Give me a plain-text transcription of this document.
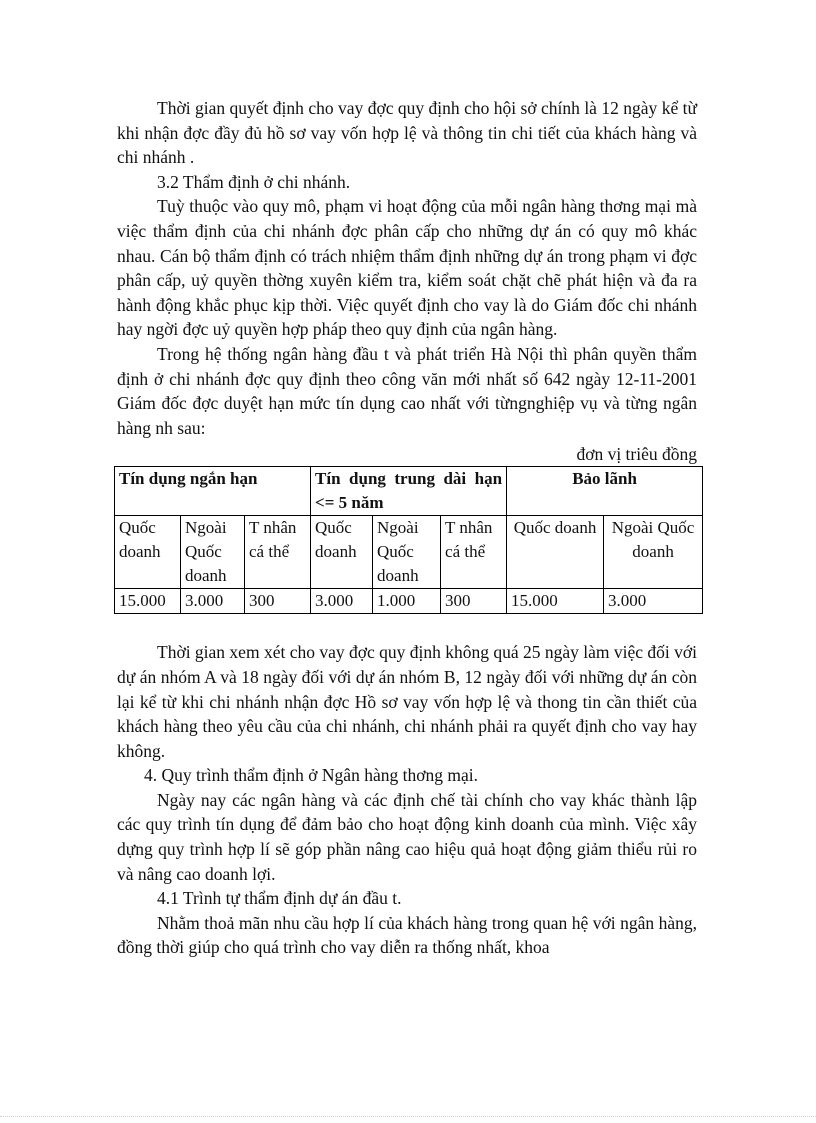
Thời gian quyết định cho vay đợc quy định cho hội sở chính là 12 ngày kể từ khi nhận đợc đầy đủ hồ sơ vay vốn hợp lệ và thông tin chi tiết của khách hàng và chi nhánh .

3.2 Thẩm định ở chi nhánh.

Tuỳ thuộc vào quy mô, phạm vi hoạt động của mỗi ngân hàng thơng mại mà việc thẩm định của chi nhánh đợc phân cấp cho những dự án có quy mô khác nhau. Cán bộ thẩm định có trách nhiệm thẩm định những dự án trong phạm vi đợc phân cấp, uỷ quyền thờng xuyên kiểm tra, kiểm soát chặt chẽ phát hiện và đa ra hành động khắc phục kịp thời. Việc quyết định cho vay là do Giám đốc chi nhánh hay ngời đợc uỷ quyền hợp pháp theo quy định của ngân hàng.

Trong hệ thống ngân hàng đầu t và phát triển Hà Nội thì phân quyền thẩm định ở chi nhánh đợc quy định theo công văn mới nhất số 642 ngày 12-11-2001 Giám đốc đợc duyệt hạn mức tín dụng cao nhất với từngnghiệp vụ và từng ngân hàng nh sau:

đơn vị triêu đồng
Tín dụng ngắn hạn			Tín dụng trung dài hạn <= 5 năm			Bảo lãnh	
Quốc doanh	Ngoài Quốc doanh	T nhân cá thể	Quốc doanh	Ngoài Quốc doanh	T nhân cá thể	Quốc doanh	Ngoài Quốc doanh
15.000	3.000	300	3.000	1.000	300	15.000	3.000

Thời gian xem xét cho vay đợc quy định không quá 25 ngày làm việc đối với dự án nhóm A và 18 ngày đối với dự án nhóm B, 12 ngày đối với những dự án còn lại kể từ khi chi nhánh nhận đợc Hồ sơ vay vốn hợp lệ và thong tin cần thiết của khách hàng theo yêu cầu của chi nhánh, chi nhánh phải ra quyết định cho vay hay không.

4. Quy trình thẩm định ở Ngân hàng thơng mại.

Ngày nay các ngân hàng và các định chế tài chính cho vay khác thành lập các quy trình tín dụng để đảm bảo cho hoạt động kinh doanh của mình. Việc xây dựng quy trình hợp lí sẽ góp phần nâng cao hiệu quả hoạt động giảm thiểu rủi ro và nâng cao doanh lợi.

4.1 Trình tự thẩm định dự án đầu t.

Nhằm thoả mãn nhu cầu hợp lí của khách hàng trong quan hệ với ngân hàng, đồng thời giúp cho quá trình cho vay diễn ra thống nhất, khoa
